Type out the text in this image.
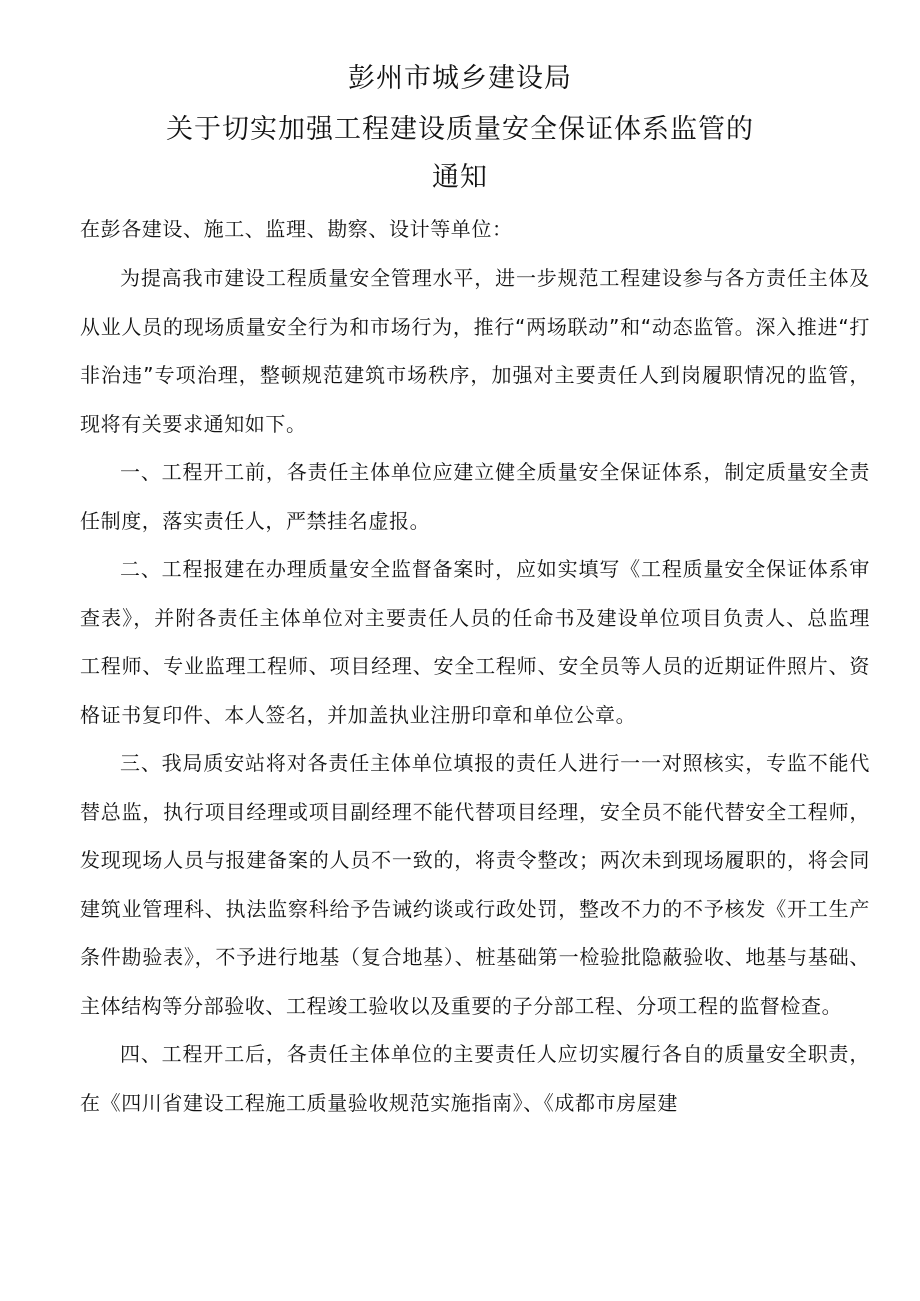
彭州市城乡建设局
关于切实加强工程建设质量安全保证体系监管的
通知
在彭各建设、施工、监理、勘察、设计等单位：

为提高我市建设工程质量安全管理水平，进一步规范工程建设参与各方责任主体及从业人员的现场质量安全行为和市场行为，推行“两场联动”和“动态监管。深入推进“打非治违”专项治理，整顿规范建筑市场秩序，加强对主要责任人到岗履职情况的监管，现将有关要求通知如下。

一、工程开工前，各责任主体单位应建立健全质量安全保证体系，制定质量安全责任制度，落实责任人，严禁挂名虚报。

二、工程报建在办理质量安全监督备案时，应如实填写《工程质量安全保证体系审查表》，并附各责任主体单位对主要责任人员的任命书及建设单位项目负责人、总监理工程师、专业监理工程师、项目经理、安全工程师、安全员等人员的近期证件照片、资格证书复印件、本人签名，并加盖执业注册印章和单位公章。

三、我局质安站将对各责任主体单位填报的责任人进行一一对照核实，专监不能代替总监，执行项目经理或项目副经理不能代替项目经理，安全员不能代替安全工程师，发现现场人员与报建备案的人员不一致的，将责令整改；两次未到现场履职的，将会同建筑业管理科、执法监察科给予告诫约谈或行政处罚，整改不力的不予核发《开工生产条件勘验表》，不予进行地基（复合地基）、桩基础第一检验批隐蔽验收、地基与基础、主体结构等分部验收、工程竣工验收以及重要的子分部工程、分项工程的监督检查。

四、工程开工后，各责任主体单位的主要责任人应切实履行各自的质量安全职责，在《四川省建设工程施工质量验收规范实施指南》、《成都市房屋建
